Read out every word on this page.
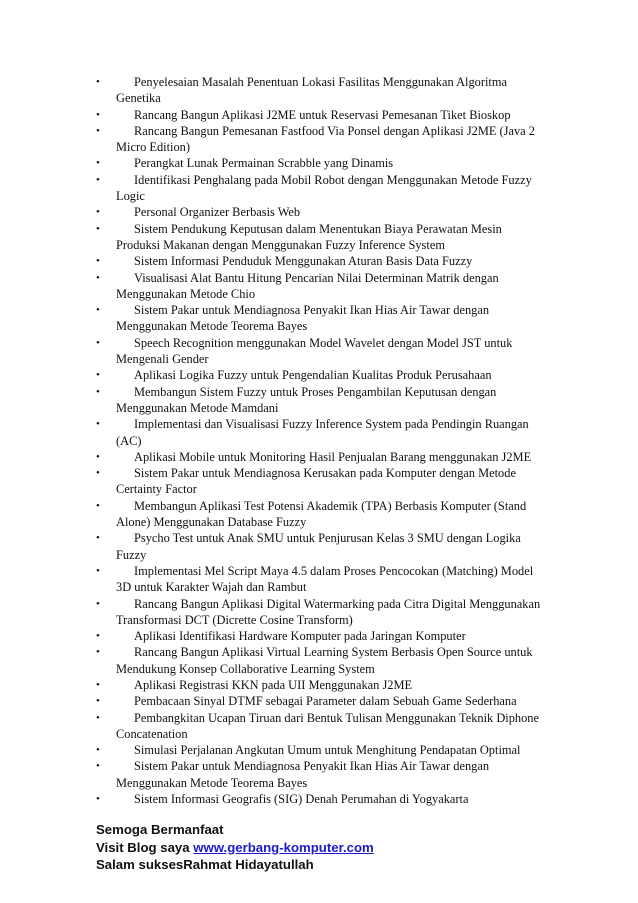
•	Penyelesaian Masalah Penentuan Lokasi Fasilitas Menggunakan Algoritma Genetika
•	Rancang Bangun Aplikasi J2ME untuk Reservasi Pemesanan Tiket Bioskop
•	Rancang Bangun Pemesanan Fastfood Via Ponsel dengan Aplikasi J2ME (Java 2 Micro Edition)
•	Perangkat Lunak Permainan Scrabble yang Dinamis
•	Identifikasi Penghalang pada Mobil Robot dengan Menggunakan Metode Fuzzy Logic
•	Personal Organizer Berbasis Web
•	Sistem Pendukung Keputusan dalam Menentukan Biaya Perawatan Mesin Produksi Makanan dengan Menggunakan Fuzzy Inference System
•	Sistem Informasi Penduduk Menggunakan Aturan Basis Data Fuzzy
•	Visualisasi Alat Bantu Hitung Pencarian Nilai Determinan Matrik dengan Menggunakan Metode Chio
•	Sistem Pakar untuk Mendiagnosa Penyakit Ikan Hias Air Tawar dengan Menggunakan Metode Teorema Bayes
•	Speech Recognition menggunakan Model Wavelet dengan Model JST untuk Mengenali Gender
•	Aplikasi Logika Fuzzy untuk Pengendalian Kualitas Produk Perusahaan
•	Membangun Sistem Fuzzy untuk Proses Pengambilan Keputusan dengan Menggunakan Metode Mamdani
•	Implementasi dan Visualisasi Fuzzy Inference System pada Pendingin Ruangan (AC)
•	Aplikasi Mobile untuk Monitoring Hasil Penjualan Barang menggunakan J2ME
•	Sistem Pakar untuk Mendiagnosa Kerusakan pada Komputer dengan Metode Certainty Factor
•	Membangun Aplikasi Test Potensi Akademik (TPA) Berbasis Komputer (Stand Alone) Menggunakan Database Fuzzy
•	Psycho Test untuk Anak SMU untuk Penjurusan Kelas 3 SMU dengan Logika Fuzzy
•	Implementasi Mel Script Maya 4.5 dalam Proses Pencocokan (Matching) Model 3D untuk Karakter Wajah dan Rambut
•	Rancang Bangun Aplikasi Digital Watermarking pada Citra Digital Menggunakan Transformasi DCT (Dicrette Cosine Transform)
•	Aplikasi Identifikasi Hardware Komputer pada Jaringan Komputer
•	Rancang Bangun Aplikasi Virtual Learning System Berbasis Open Source untuk Mendukung Konsep Collaborative Learning System
•	Aplikasi Registrasi KKN pada UII Menggunakan J2ME
•	Pembacaan Sinyal DTMF sebagai Parameter dalam Sebuah Game Sederhana
•	Pembangkitan Ucapan Tiruan dari Bentuk Tulisan Menggunakan Teknik Diphone Concatenation
•	Simulasi Perjalanan Angkutan Umum untuk Menghitung Pendapatan Optimal
•	Sistem Pakar untuk Mendiagnosa Penyakit Ikan Hias Air Tawar dengan Menggunakan Metode Teorema Bayes
•	Sistem Informasi Geografis (SIG) Denah Perumahan di Yogyakarta
Semoga Bermanfaat
Visit Blog saya www.gerbang-komputer.com
Salam suksesRahmat Hidayatullah
